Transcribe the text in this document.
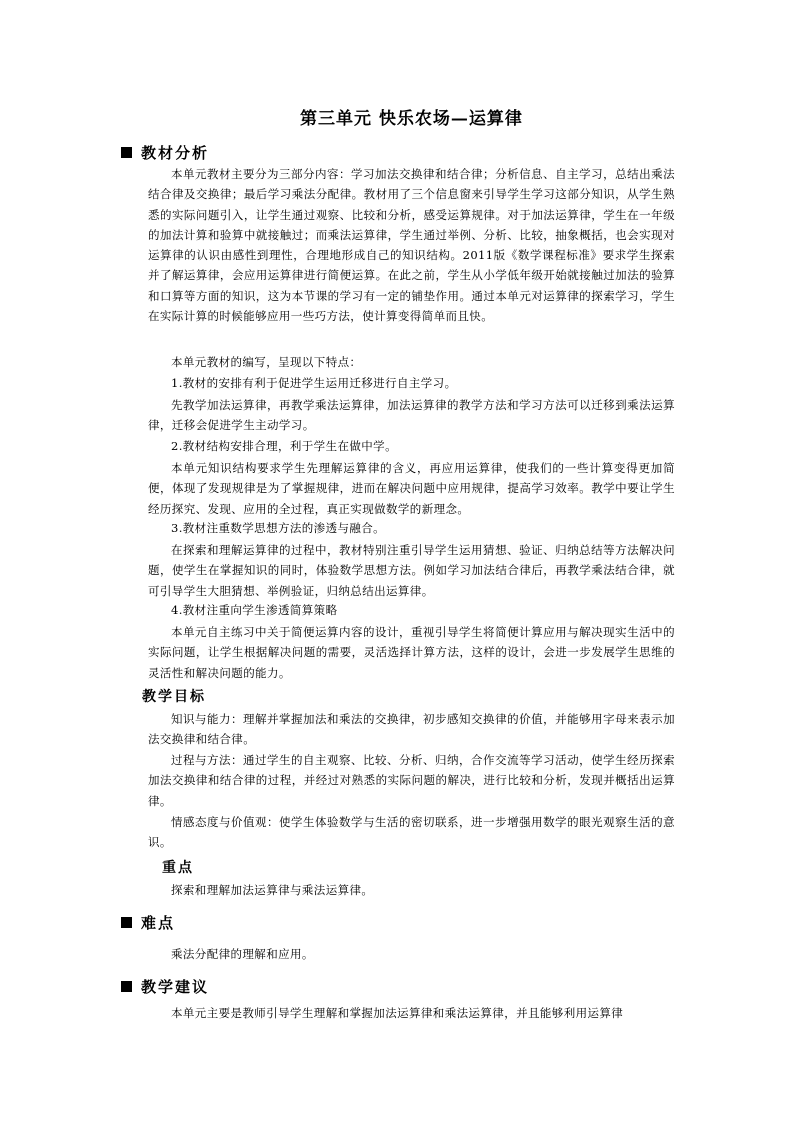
第三单元 快乐农场—运算律
教材分析
本单元教材主要分为三部分内容：学习加法交换律和结合律；分析信息、自主学习，总结出乘法结合律及交换律；最后学习乘法分配律。教材用了三个信息窗来引导学生学习这部分知识，从学生熟悉的实际问题引入，让学生通过观察、比较和分析，感受运算规律。对于加法运算律，学生在一年级的加法计算和验算中就接触过；而乘法运算律，学生通过举例、分析、比较，抽象概括，也会实现对运算律的认识由感性到理性，合理地形成自己的知识结构。2011版《数学课程标准》要求学生探索并了解运算律，会应用运算律进行简便运算。在此之前，学生从小学低年级开始就接触过加法的验算和口算等方面的知识，这为本节课的学习有一定的铺垫作用。通过本单元对运算律的探索学习，学生在实际计算的时候能够应用一些巧方法，使计算变得简单而且快。
本单元教材的编写，呈现以下特点：
1.教材的安排有利于促进学生运用迁移进行自主学习。
先教学加法运算律，再教学乘法运算律，加法运算律的教学方法和学习方法可以迁移到乘法运算律，迁移会促进学生主动学习。
2.教材结构安排合理，利于学生在做中学。
本单元知识结构要求学生先理解运算律的含义，再应用运算律，使我们的一些计算变得更加简便，体现了发现规律是为了掌握规律，进而在解决问题中应用规律，提高学习效率。教学中要让学生经历探究、发现、应用的全过程，真正实现做数学的新理念。
3.教材注重数学思想方法的渗透与融合。
在探索和理解运算律的过程中，教材特别注重引导学生运用猜想、验证、归纳总结等方法解决问题，使学生在掌握知识的同时，体验数学思想方法。例如学习加法结合律后，再教学乘法结合律，就可引导学生大胆猜想、举例验证，归纳总结出运算律。
4.教材注重向学生渗透简算策略
本单元自主练习中关于简便运算内容的设计，重视引导学生将简便计算应用与解决现实生活中的实际问题，让学生根据解决问题的需要，灵活选择计算方法，这样的设计，会进一步发展学生思维的灵活性和解决问题的能力。
教学目标
知识与能力：理解并掌握加法和乘法的交换律，初步感知交换律的价值，并能够用字母来表示加法交换律和结合律。
过程与方法：通过学生的自主观察、比较、分析、归纳，合作交流等学习活动，使学生经历探索加法交换律和结合律的过程，并经过对熟悉的实际问题的解决，进行比较和分析，发现并概括出运算律。
情感态度与价值观：使学生体验数学与生活的密切联系，进一步增强用数学的眼光观察生活的意识。
重点
探索和理解加法运算律与乘法运算律。
难点
乘法分配律的理解和应用。
教学建议
本单元主要是教师引导学生理解和掌握加法运算律和乘法运算律，并且能够利用运算律
